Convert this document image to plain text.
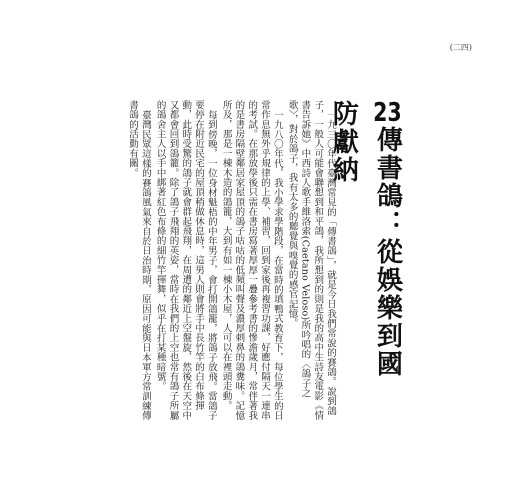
(二四)
23傳書鴿：從娛樂到國防獻納

一九三〇年代臺灣常見的「傳書鴿」，就是今日我們常說的賽鴿。說到鴿子，一般人可能會聯想到和平鴿，我所想到的則是我的高中生詩友電影《情書告訴她》中西詩人歌手維洛索(Caetano Veloso)所吟唱的〈鴿子之歌〉，對於鴿子，我有太多的聽覺與嗅覺的感官記憶。

一九八〇年代，我小學求學階段，在當時的填鴨式教育下，每位學生的日常作息無外乎規律的上學、補習，回到家後再複習功課，好應付隔天一連串的考試。在那放學後只需在書房寫著厚厚一疊參考書的慘澹歲月，常伴著我的是書房隔壁鄰居家屋頂的鴿子咕咕的低頻叫聲及濃厚刺鼻的鴿糞味。記憶所及，那是一棟木造的鴿籠，大到有如一棟小木屋，人可以在裡頭走動。

每到傍晚，一位身材魁梧的中年男子，會打開鴿籠，將鴿子放飛。當鴿子要停在附近民宅的屋頂稍做休息時，這男人則會將手中長竹竿的白布條揮動，此時受驚的鴿子就會群起飛翔，在周遭的鄰近上空盤旋，然後在天空中又都會回到鴿籠。除了鴿子飛翔的英姿，當時在我們的上空也常有鴿子所屬的鴿舍主人以手中綁著紅色布條的細竹竿揮舞，似乎在打某種暗號。

臺灣民眾這樣的賽鴿風氣來自於日治時期，原因可能與日本軍方常訓練傳書鴿的活動有關。
